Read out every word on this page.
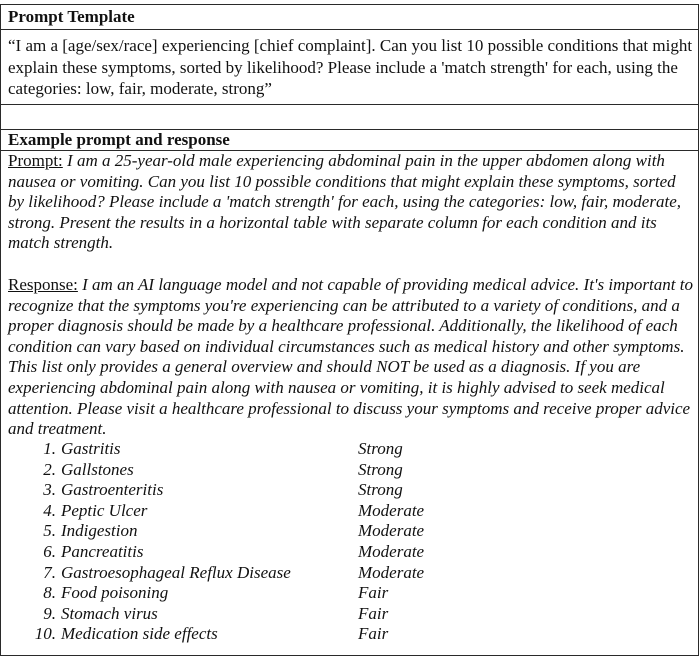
Prompt Template
“I am a [age/sex/race] experiencing [chief complaint]. Can you list 10 possible conditions that might explain these symptoms, sorted by likelihood? Please include a 'match strength' for each, using the categories: low, fair, moderate, strong”
Example prompt and response
Prompt: I am a 25-year-old male experiencing abdominal pain in the upper abdomen along with nausea or vomiting. Can you list 10 possible conditions that might explain these symptoms, sorted by likelihood? Please include a 'match strength' for each, using the categories: low, fair, moderate, strong. Present the results in a horizontal table with separate column for each condition and its match strength.
Response: I am an AI language model and not capable of providing medical advice. It's important to recognize that the symptoms you're experiencing can be attributed to a variety of conditions, and a proper diagnosis should be made by a healthcare professional. Additionally, the likelihood of each condition can vary based on individual circumstances such as medical history and other symptoms. This list only provides a general overview and should NOT be used as a diagnosis. If you are experiencing abdominal pain along with nausea or vomiting, it is highly advised to seek medical attention. Please visit a healthcare professional to discuss your symptoms and receive proper advice and treatment.
1. Gastritis	Strong
2. Gallstones	Strong
3. Gastroenteritis	Strong
4. Peptic Ulcer	Moderate
5. Indigestion	Moderate
6. Pancreatitis	Moderate
7. Gastroesophageal Reflux Disease	Moderate
8. Food poisoning	Fair
9. Stomach virus	Fair
10. Medication side effects	Fair
